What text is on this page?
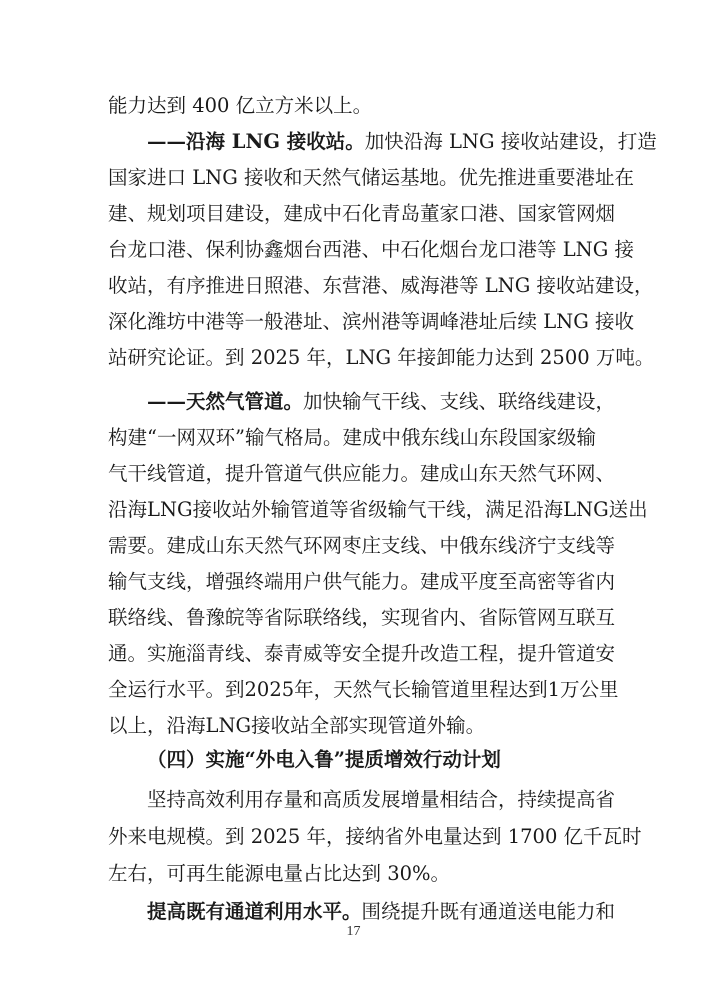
能力达到 400 亿立方米以上。
——沿海 LNG 接收站。加快沿海 LNG 接收站建设，打造
国家进口 LNG 接收和天然气储运基地。优先推进重要港址在
建、规划项目建设，建成中石化青岛董家口港、国家管网烟
台龙口港、保利协鑫烟台西港、中石化烟台龙口港等 LNG 接
收站，有序推进日照港、东营港、威海港等 LNG 接收站建设，
深化潍坊中港等一般港址、滨州港等调峰港址后续 LNG 接收
站研究论证。到 2025 年，LNG 年接卸能力达到 2500 万吨。
——天然气管道。加快输气干线、支线、联络线建设，
构建“一网双环”输气格局。建成中俄东线山东段国家级输
气干线管道，提升管道气供应能力。建成山东天然气环网、
沿海LNG接收站外输管道等省级输气干线，满足沿海LNG送出
需要。建成山东天然气环网枣庄支线、中俄东线济宁支线等
输气支线，增强终端用户供气能力。建成平度至高密等省内
联络线、鲁豫皖等省际联络线，实现省内、省际管网互联互
通。实施淄青线、泰青威等安全提升改造工程，提升管道安
全运行水平。到2025年，天然气长输管道里程达到1万公里
以上，沿海LNG接收站全部实现管道外输。
（四）实施“外电入鲁”提质增效行动计划
坚持高效利用存量和高质发展增量相结合，持续提高省
外来电规模。到 2025 年，接纳省外电量达到 1700 亿千瓦时
左右，可再生能源电量占比达到 30%。
提高既有通道利用水平。围绕提升既有通道送电能力和
17
